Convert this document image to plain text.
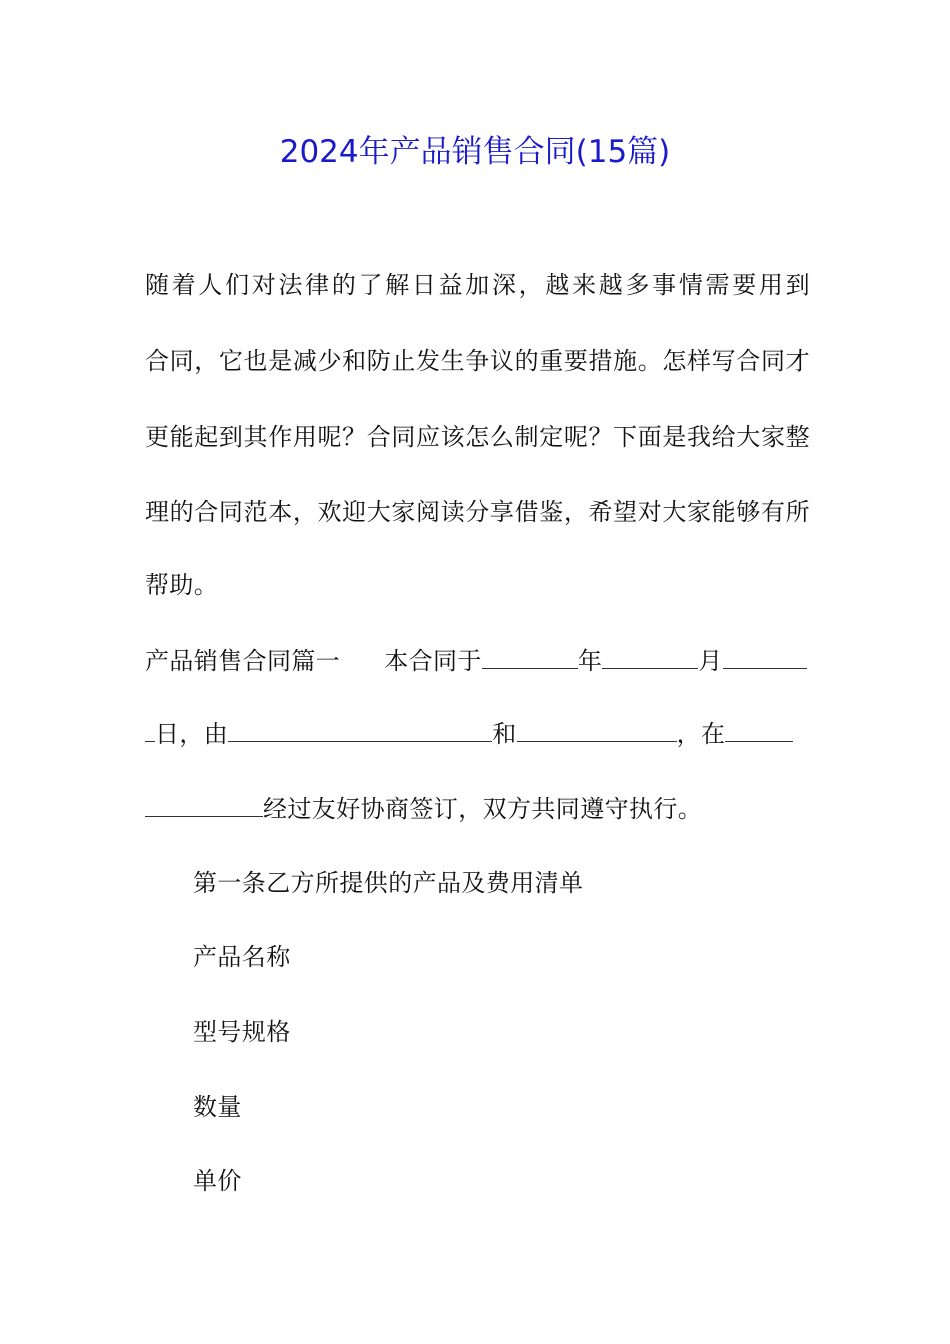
2024年产品销售合同(15篇)
随着人们对法律的了解日益加深，越来越多事情需要用到
合同，它也是减少和防止发生争议的重要措施。怎样写合同才
更能起到其作用呢？合同应该怎么制定呢？下面是我给大家整
理的合同范本，欢迎大家阅读分享借鉴，希望对大家能够有所
帮助。
产品销售合同篇一 本合同于	年	月
日，由	和	，在
经过友好协商签订，双方共同遵守执行。
第一条乙方所提供的产品及费用清单
产品名称
型号规格
数量
单价
